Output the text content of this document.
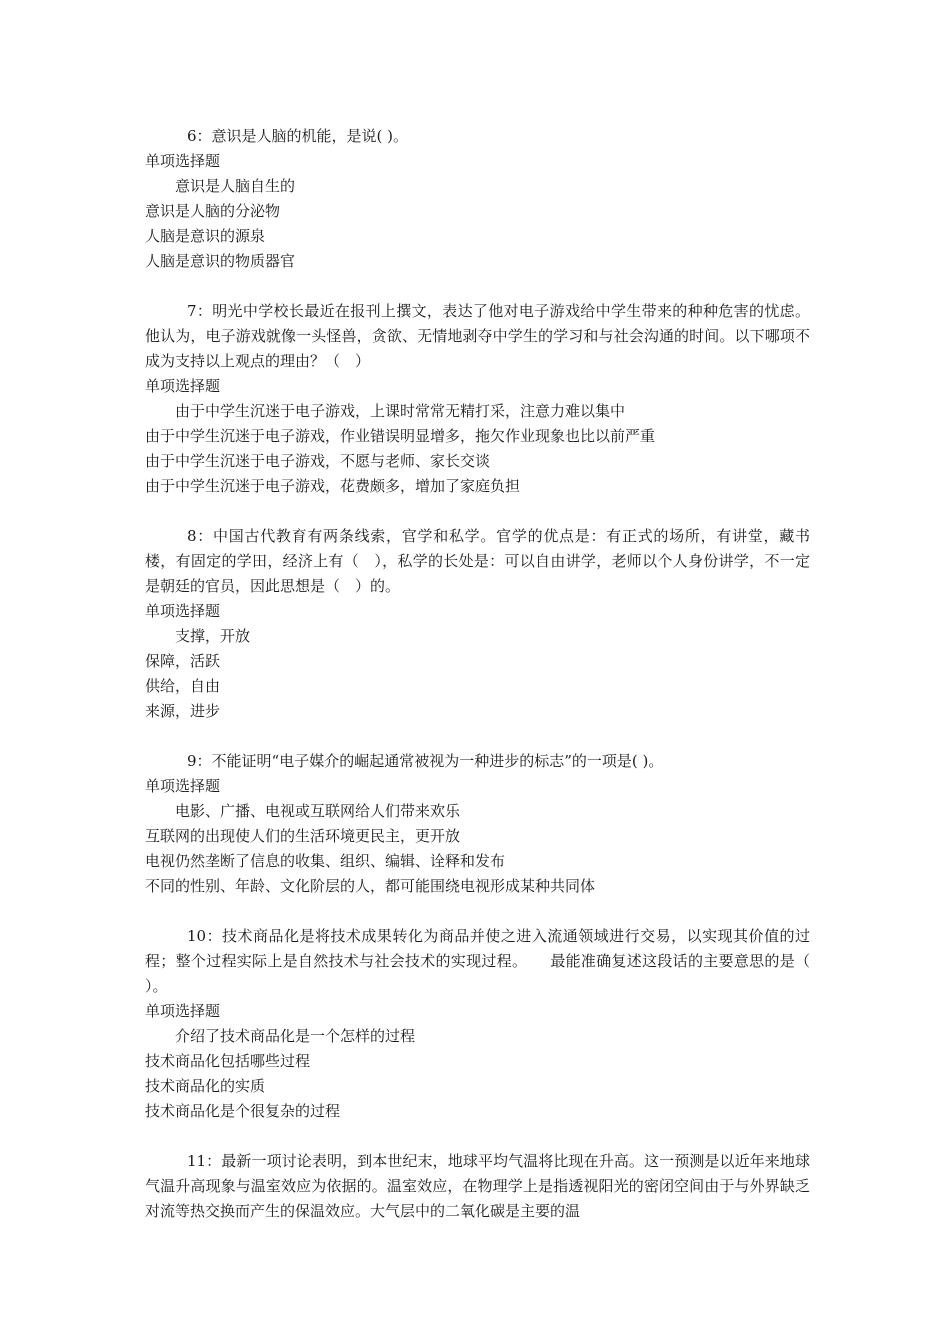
6：意识是人脑的机能，是说( )。
单项选择题
意识是人脑自生的
意识是人脑的分泌物
人脑是意识的源泉
人脑是意识的物质器官
7：明光中学校长最近在报刊上撰文，表达了他对电子游戏给中学生带来的种种危害的忧虑。他认为，电子游戏就像一头怪兽，贪欲、无情地剥夺中学生的学习和与社会沟通的时间。以下哪项不成为支持以上观点的理由？（　）
单项选择题
由于中学生沉迷于电子游戏，上课时常常无精打采，注意力难以集中
由于中学生沉迷于电子游戏，作业错误明显增多，拖欠作业现象也比以前严重
由于中学生沉迷于电子游戏，不愿与老师、家长交谈
由于中学生沉迷于电子游戏，花费颇多，增加了家庭负担
8：中国古代教育有两条线索，官学和私学。官学的优点是：有正式的场所，有讲堂，藏书楼，有固定的学田，经济上有（　），私学的长处是：可以自由讲学，老师以个人身份讲学，不一定是朝廷的官员，因此思想是（　）的。
单项选择题
支撑，开放
保障，活跃
供给，自由
来源，进步
9：不能证明“电子媒介的崛起通常被视为一种进步的标志”的一项是( )。
单项选择题
电影、广播、电视或互联网给人们带来欢乐
互联网的出现使人们的生活环境更民主，更开放
电视仍然垄断了信息的收集、组织、编辑、诠释和发布
不同的性别、年龄、文化阶层的人，都可能围绕电视形成某种共同体
10：技术商品化是将技术成果转化为商品并使之进入流通领域进行交易，以实现其价值的过程；整个过程实际上是自然技术与社会技术的实现过程。　　最能准确复述这段话的主要意思的是（ ）。
单项选择题
介绍了技术商品化是一个怎样的过程
技术商品化包括哪些过程
技术商品化的实质
技术商品化是个很复杂的过程
11：最新一项讨论表明，到本世纪末，地球平均气温将比现在升高。这一预测是以近年来地球气温升高现象与温室效应为依据的。温室效应，在物理学上是指透视阳光的密闭空间由于与外界缺乏对流等热交换而产生的保温效应。大气层中的二氧化碳是主要的温
